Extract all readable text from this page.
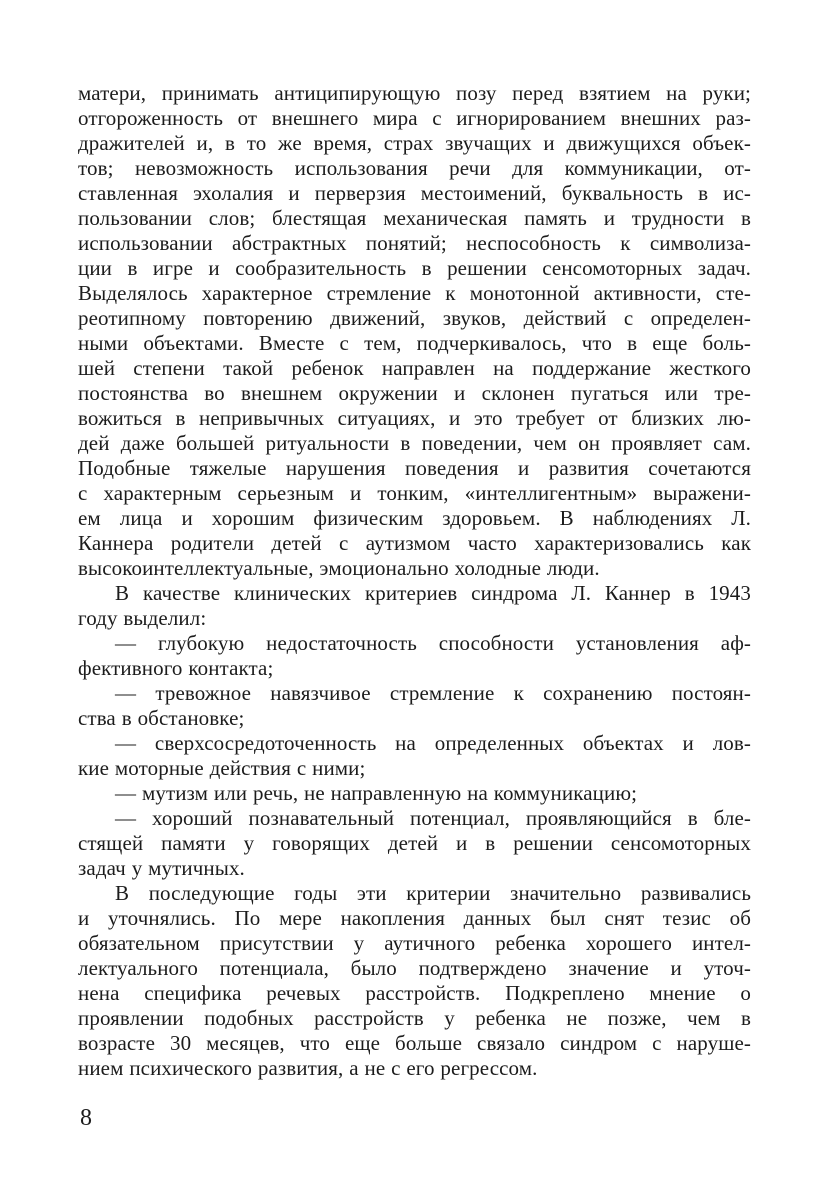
матери, принимать антиципирующую позу перед взятием на руки;
отгороженность от внешнего мира с игнорированием внешних раз-
дражителей и, в то же время, страх звучащих и движущихся объек-
тов; невозможность использования речи для коммуникации, от-
ставленная эхолалия и перверзия местоимений, буквальность в ис-
пользовании слов; блестящая механическая память и трудности в
использовании абстрактных понятий; неспособность к символиза-
ции в игре и сообразительность в решении сенсомоторных задач.
Выделялось характерное стремление к монотонной активности, сте-
реотипному повторению движений, звуков, действий с определен-
ными объектами. Вместе с тем, подчеркивалось, что в еще боль-
шей степени такой ребенок направлен на поддержание жесткого
постоянства во внешнем окружении и склонен пугаться или тре-
вожиться в непривычных ситуациях, и это требует от близких лю-
дей даже большей ритуальности в поведении, чем он проявляет сам.
Подобные тяжелые нарушения поведения и развития сочетаются
с характерным серьезным и тонким, «интеллигентным» выражени-
ем лица и хорошим физическим здоровьем. В наблюдениях Л.
Каннера родители детей с аутизмом часто характеризовались как
высокоинтеллектуальные, эмоционально холодные люди.
В качестве клинических критериев синдрома Л. Каннер в 1943
году выделил:
— глубокую недостаточность способности установления аф-
фективного контакта;
— тревожное навязчивое стремление к сохранению постоян-
ства в обстановке;
— сверхсосредоточенность на определенных объектах и лов-
кие моторные действия с ними;
— мутизм или речь, не направленную на коммуникацию;
— хороший познавательный потенциал, проявляющийся в бле-
стящей памяти у говорящих детей и в решении сенсомоторных
задач у мутичных.
В последующие годы эти критерии значительно развивались
и уточнялись. По мере накопления данных был снят тезис об
обязательном присутствии у аутичного ребенка хорошего интел-
лектуального потенциала, было подтверждено значение и уточ-
нена специфика речевых расстройств. Подкреплено мнение о
проявлении подобных расстройств у ребенка не позже, чем в
возрасте 30 месяцев, что еще больше связало синдром с наруше-
нием психического развития, а не с его регрессом.
8
